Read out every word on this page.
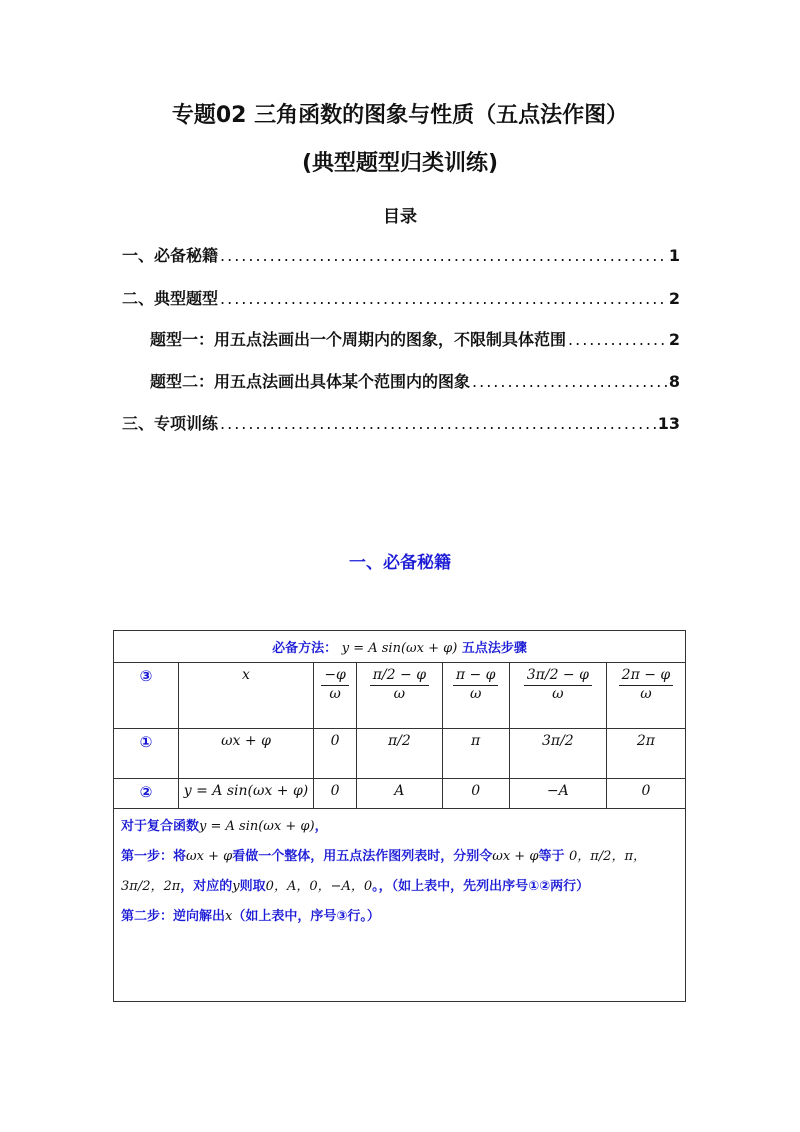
专题02 三角函数的图象与性质（五点法作图）
(典型题型归类训练)
目录
一、必备秘籍 .....	1
二、典型题型 .....	2
题型一：用五点法画出一个周期内的图象，不限制具体范围 .....	2
题型二：用五点法画出具体某个范围内的图象 .....	8
三、专项训练 .....	13
一、必备秘籍
必备方法： y = A sin(ωx + φ) 五点法步骤						
③	x	$\frac{-\varphi}{\omega}$	$\frac{\pi/2 - \varphi}{\omega}$	$\frac{\pi - \varphi}{\omega}$	$\frac{3\pi/2 - \varphi}{\omega}$	$\frac{2\pi - \varphi}{\omega}$

①	ωx + φ	0	π/2	π	3π/2	2π
②	y = A sin(ωx + φ)	0	A	0	−A	0
对于复合函数y = A sin(ωx + φ)，
第一步：将ωx + φ看做一个整体，用五点法作图列表时，分别令ωx + φ等于 0，π/2，π，3π/2，2π，对应的y则取0，A，0，−A，0。，（如上表中，先列出序号①②两行）
第二步：逆向解出x（如上表中，序号③行。）
